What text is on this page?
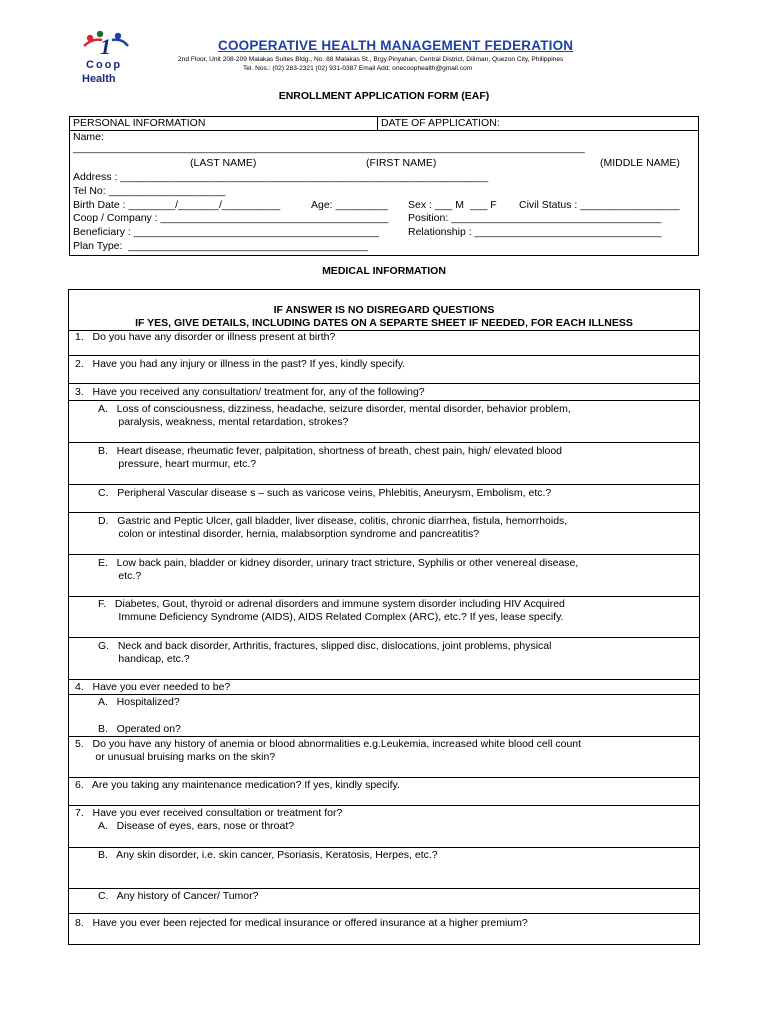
1
Coop
Health
COOPERATIVE HEALTH MANAGEMENT FEDERATION
2nd Floor, Unit 208-209 Malakas Suites Bldg., No. 88 Malakas St., Brgy.Pinyahan, Central District, Diliman, Quezon City, Philippines
Tel. Nos.: (02) 283-2321 (02) 931-0387 Email Add: onecoophealth@gmail.com
ENROLLMENT APPLICATION FORM (EAF)
PERSONAL INFORMATION	DATE OF APPLICATION:
Name:
____________________________________________________________________________________________
(LAST NAME)	(FIRST NAME)	(MIDDLE NAME)
Address : _______________________________________________________________
Tel No: ____________________
Birth Date : ________/_______/__________	Age: _________ Sex : ___ M  ___ F Civil Status : _________________
Coop / Company : _______________________________________ Position: ____________________________________
Beneficiary : __________________________________________	Relationship : ________________________________
Plan Type:  _________________________________________
MEDICAL INFORMATION
IF ANSWER IS NO DISREGARD QUESTIONS
IF YES, GIVE DETAILS, INCLUDING DATES ON A SEPARTE SHEET IF NEEDED, FOR EACH ILLNESS
1.   Do you have any disorder or illness present at birth?
2.   Have you had any injury or illness in the past? If yes, kindly specify.
3.   Have you received any consultation/ treatment for, any of the following?
A.   Loss of consciousness, dizziness, headache, seizure disorder, mental disorder, behavior problem,
paralysis, weakness, mental retardation, strokes?
B.   Heart disease, rheumatic fever, palpitation, shortness of breath, chest pain, high/ elevated blood
pressure, heart murmur, etc.?
C.   Peripheral Vascular disease s – such as varicose veins, Phlebitis, Aneurysm, Embolism, etc.?
D.   Gastric and Peptic Ulcer, gall bladder, liver disease, colitis, chronic diarrhea, fistula, hemorrhoids,
colon or intestinal disorder, hernia, malabsorption syndrome and pancreatitis?
E.   Low back pain, bladder or kidney disorder, urinary tract stricture, Syphilis or other venereal disease,
etc.?
F.   Diabetes, Gout, thyroid or adrenal disorders and immune system disorder including HIV Acquired
Immune Deficiency Syndrome (AIDS), AIDS Related Complex (ARC), etc.? If yes, lease specify.
G.   Neck and back disorder, Arthritis, fractures, slipped disc, dislocations, joint problems, physical
handicap, etc.?
4.   Have you ever needed to be?
A.   Hospitalized?
B.   Operated on?
5.   Do you have any history of anemia or blood abnormalities e.g.Leukemia, increased white blood cell count
or unusual bruising marks on the skin?
6.   Are you taking any maintenance medication? If yes, kindly specify.
7.   Have you ever received consultation or treatment for?
A.   Disease of eyes, ears, nose or throat?
B.   Any skin disorder, i.e. skin cancer, Psoriasis, Keratosis, Herpes, etc.?
C.   Any history of Cancer/ Tumor?
8.   Have you ever been rejected for medical insurance or offered insurance at a higher premium?
